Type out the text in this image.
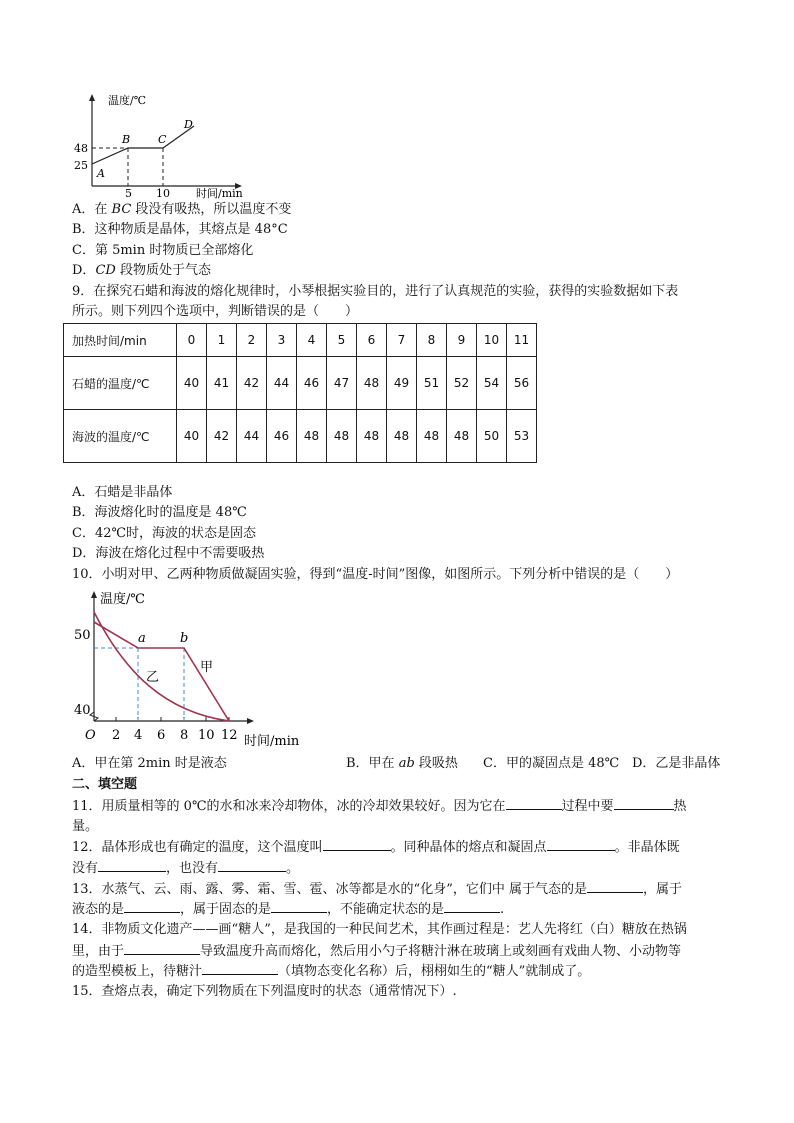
温度/℃
48
25
5 10 时间/min
A
B	C
D
A．在 BC 段没有吸热，所以温度不变
B．这种物质是晶体，其熔点是 48°C
C．第 5min 时物质已全部熔化
D．CD 段物质处于气态
9．在探究石蜡和海波的熔化规律时，小琴根据实验目的，进行了认真规范的实验，获得的实验数据如下表
所示。则下列四个选项中，判断错误的是（　　）
加热时间/min	0	1	2	3	4	5	6	7	8	9	10	11
石蜡的温度/℃	40	41	42	44	46	47	48	49	51	52	54	56
海波的温度/℃	40	42	44	46	48	48	48	48	48	48	50	53
A．石蜡是非晶体
B．海波熔化时的温度是 48℃
C．42℃时，海波的状态是固态
D．海波在熔化过程中不需要吸热
10．小明对甲、乙两种物质做凝固实验，得到“温度-时间”图像，如图所示。下列分析中错误的是（　　）
温度/℃
50
40
O 2 4 6 8 10 12 时间/min
a	b
甲
乙
A．甲在第 2min 时是液态	B．甲在 ab 段吸热 C．甲的凝固点是 48℃ D．乙是非晶体
二、填空题
11．用质量相等的 0℃的水和冰来冷却物体，冰的冷却效果较好。因为它在	过程中要	热
量。
12．晶体形成也有确定的温度，这个温度叫	。同种晶体的熔点和凝固点	。非晶体既
没有	，也没有	。
13．水蒸气、云、雨、露、雾、霜、雪、雹、冰等都是水的“化身”，它们中 属于气态的是	，属于
液态的是	，属于固态的是	，不能确定状态的是	.
14．非物质文化遗产——画“糖人”，是我国的一种民间艺术，其作画过程是：艺人先将红（白）糖放在热锅
里，由于	导致温度升高而熔化，然后用小勺子将糖汁淋在玻璃上或刻画有戏曲人物、小动物等
的造型模板上，待糖汁	（填物态变化名称）后，栩栩如生的“糖人”就制成了。
15．查熔点表，确定下列物质在下列温度时的状态（通常情况下）.
